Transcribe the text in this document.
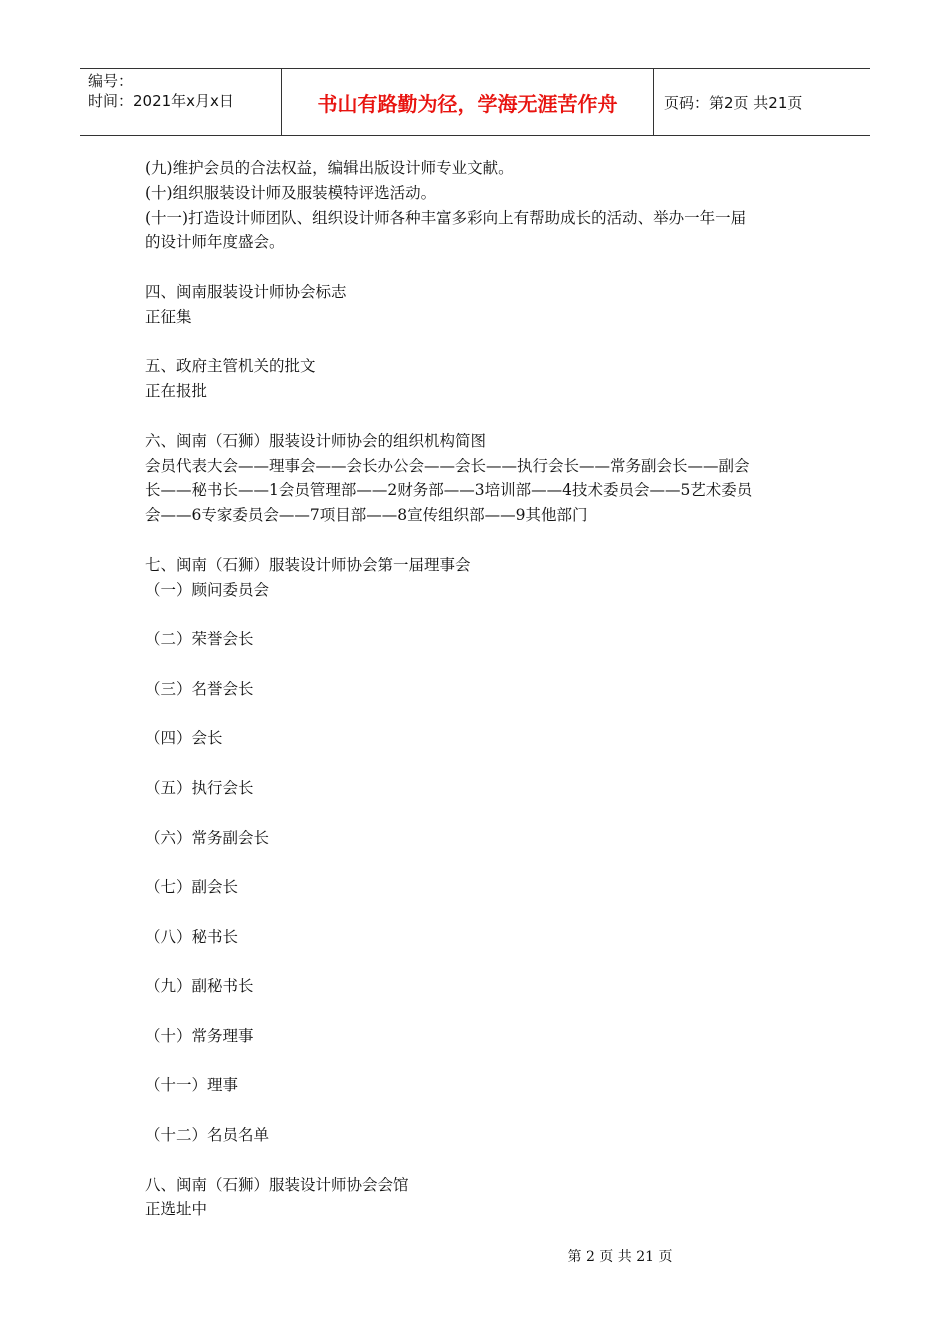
编号：
时间：2021年x月x日	书山有路勤为径，学海无涯苦作舟	页码：第2页 共21页

(九)维护会员的合法权益，编辑出版设计师专业文献。

(十)组织服装设计师及服装模特评选活动。

(十一)打造设计师团队、组织设计师各种丰富多彩向上有帮助成长的活动、举办一年一届

的设计师年度盛会。

四、闽南服装设计师协会标志

正征集

五、政府主管机关的批文

正在报批

六、闽南（石狮）服装设计师协会的组织机构简图

会员代表大会——理事会——会长办公会——会长——执行会长——常务副会长——副会

长——秘书长——1会员管理部——2财务部——3培训部——4技术委员会——5艺术委员

会——6专家委员会——7项目部——8宣传组织部——9其他部门

七、闽南（石狮）服装设计师协会第一届理事会

（一）顾问委员会

（二）荣誉会长

（三）名誉会长

（四）会长

（五）执行会长

（六）常务副会长

（七）副会长

（八）秘书长

（九）副秘书长

（十）常务理事

（十一）理事

（十二）名员名单

八、闽南（石狮）服装设计师协会会馆

正选址中

第 2 页 共 21 页
